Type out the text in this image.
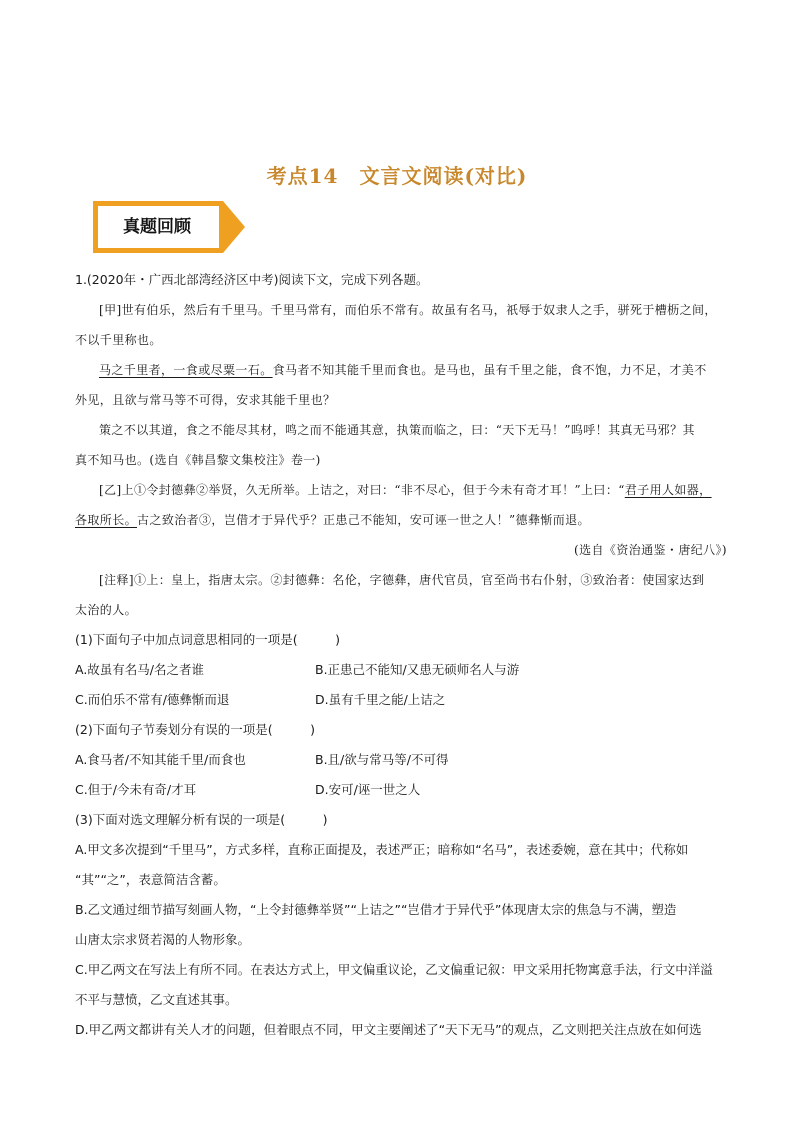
考点14　文言文阅读(对比)
真题回顾

1.(2020年・广西北部湾经济区中考)阅读下文，完成下列各题。

[甲]世有伯乐，然后有千里马。千里马常有，而伯乐不常有。故虽有名马，祇辱于奴隶人之手，骈死于槽枥之间，

不以千里称也。

马之千里者，一食或尽粟一石。食马者不知其能千里而食也。是马也，虽有千里之能，食不饱，力不足，才美不

外见，且欲与常马等不可得，安求其能千里也？

策之不以其道，食之不能尽其材，鸣之而不能通其意，执策而临之，曰：“天下无马！”呜呼！其真无马邪？其

真不知马也。(选自《韩昌黎文集校注》卷一)

[乙]上①令封德彝②举贤，久无所举。上诘之，对曰：“非不尽心，但于今未有奇才耳！”上曰：“君子用人如器，

各取所长。古之致治者③，岂借才于异代乎？正患己不能知，安可诬一世之人！”德彝惭而退。

(选自《资治通鉴・唐纪八》)

[注释]①上：皇上，指唐太宗。②封德彝：名伦，字德彝，唐代官员，官至尚书右仆射，③致治者：使国家达到

太治的人。

(1)下面句子中加点词意思相同的一项是(　　　)

A.故虽有名马/名之者谁	B.正患己不能知/又患无硕师名人与游
C.而伯乐不常有/德彝惭而退	D.虽有千里之能/上诘之

(2)下面句子节奏划分有误的一项是(　　　)

A.食马者/不知其能千里/而食也	B.且/欲与常马等/不可得
C.但于/今未有奇/才耳	D.安可/诬一世之人

(3)下面对选文理解分析有误的一项是(　　　)

A.甲文多次提到“千里马”，方式多样，直称正面提及，表述严正；暗称如“名马”，表述委婉，意在其中；代称如

“其”“之”，表意简洁含蓄。

B.乙文通过细节描写刻画人物，“上令封德彝举贤”“上诘之”“岂借才于异代乎”体现唐太宗的焦急与不满，塑造

山唐太宗求贤若渴的人物形象。

C.甲乙两文在写法上有所不同。在表达方式上，甲文偏重议论，乙文偏重记叙：甲文采用托物寓意手法，行文中洋溢

不平与慧愤，乙文直述其事。

D.甲乙两文都讲有关人才的问题，但着眼点不同，甲文主要阐述了“天下无马”的观点，乙文则把关注点放在如何选
